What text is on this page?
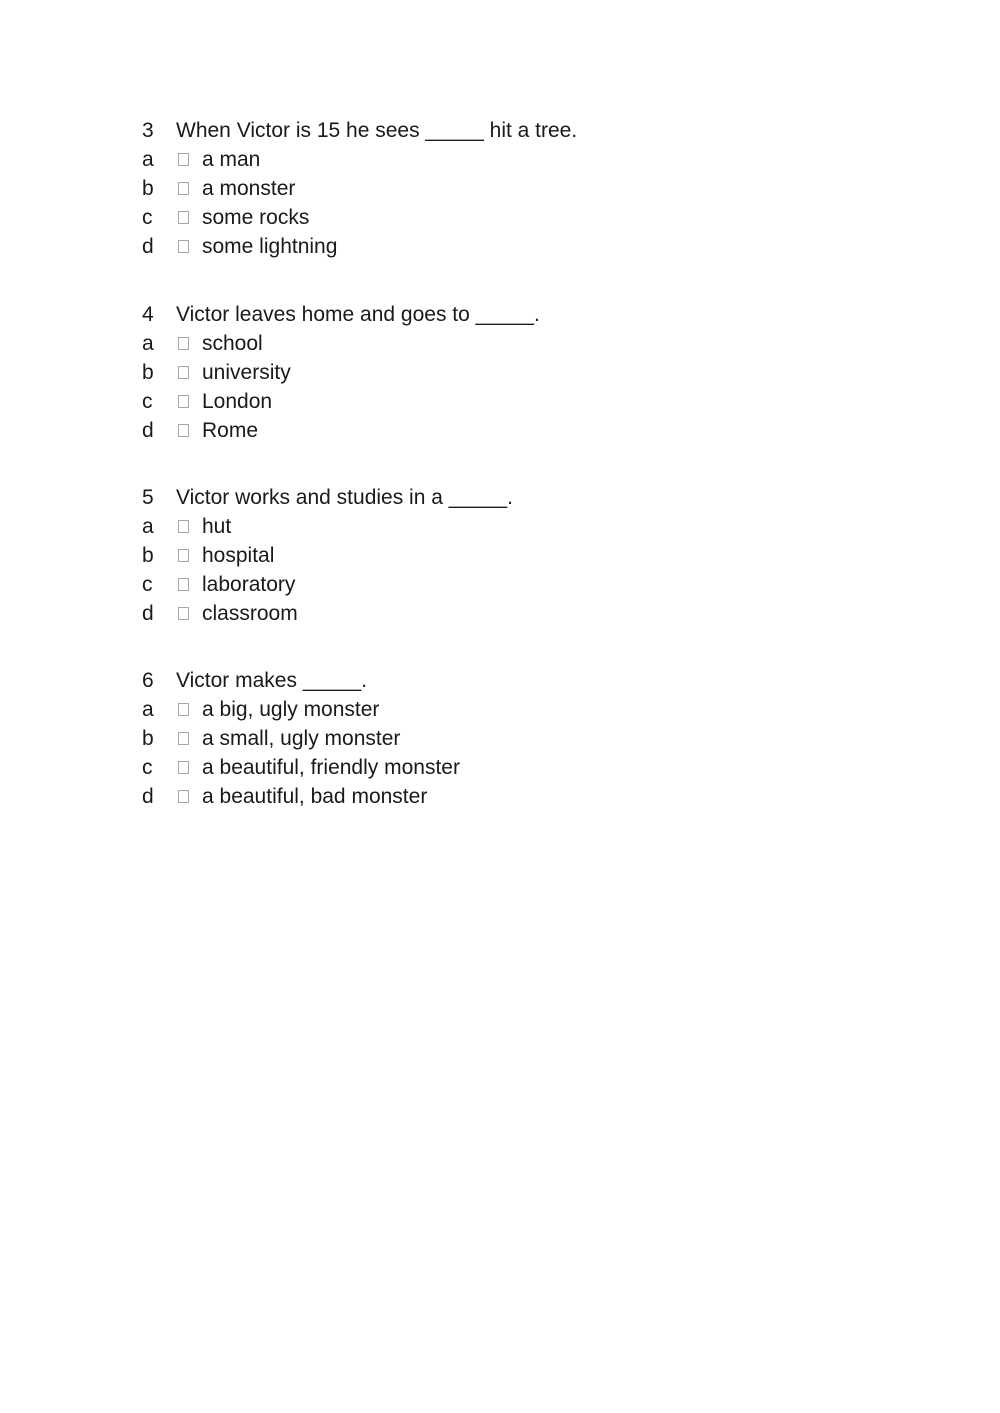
3	When Victor is 15 he sees _____ hit a tree.
a	a man
b	a monster
c	some rocks
d	some lightning
4	Victor leaves home and goes to _____.
a	school
b	university
c	London
d	Rome
5	Victor works and studies in a _____.
a	hut
b	hospital
c	laboratory
d	classroom
6	Victor makes _____.
a	a big, ugly monster
b	a small, ugly monster
c	a beautiful, friendly monster
d	a beautiful, bad monster
